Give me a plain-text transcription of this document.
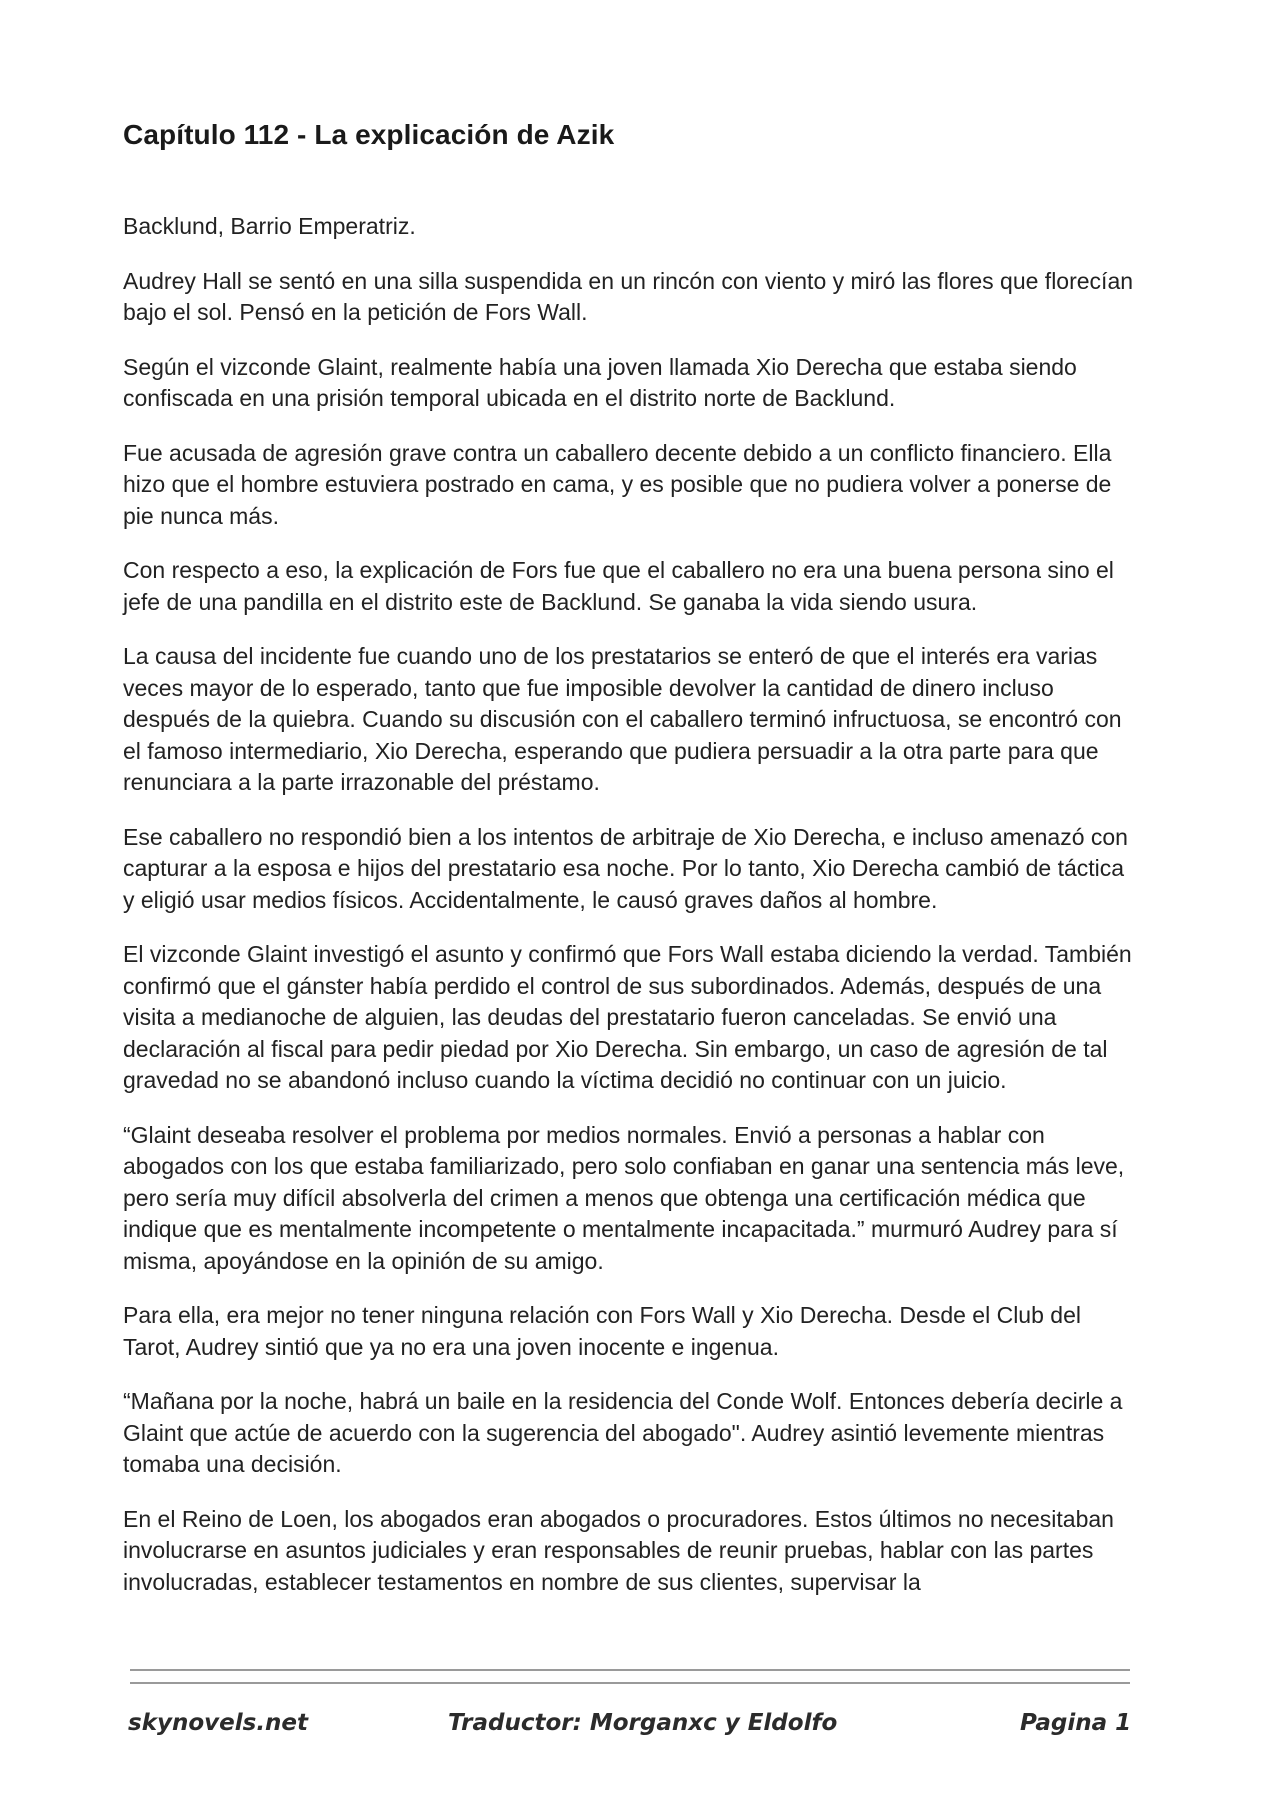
Capítulo 112 - La explicación de Azik

Backlund, Barrio Emperatriz.

Audrey Hall se sentó en una silla suspendida en un rincón con viento y miró las flores que florecían bajo el sol. Pensó en la petición de Fors Wall.

Según el vizconde Glaint, realmente había una joven llamada Xio Derecha que estaba siendo confiscada en una prisión temporal ubicada en el distrito norte de Backlund.

Fue acusada de agresión grave contra un caballero decente debido a un conflicto financiero. Ella hizo que el hombre estuviera postrado en cama, y es posible que no pudiera volver a ponerse de pie nunca más.

Con respecto a eso, la explicación de Fors fue que el caballero no era una buena persona sino el jefe de una pandilla en el distrito este de Backlund. Se ganaba la vida siendo usura.

La causa del incidente fue cuando uno de los prestatarios se enteró de que el interés era varias veces mayor de lo esperado, tanto que fue imposible devolver la cantidad de dinero incluso después de la quiebra. Cuando su discusión con el caballero terminó infructuosa, se encontró con el famoso intermediario, Xio Derecha, esperando que pudiera persuadir a la otra parte para que renunciara a la parte irrazonable del préstamo.

Ese caballero no respondió bien a los intentos de arbitraje de Xio Derecha, e incluso amenazó con capturar a la esposa e hijos del prestatario esa noche. Por lo tanto, Xio Derecha cambió de táctica y eligió usar medios físicos. Accidentalmente, le causó graves daños al hombre.

El vizconde Glaint investigó el asunto y confirmó que Fors Wall estaba diciendo la verdad. También confirmó que el gánster había perdido el control de sus subordinados. Además, después de una visita a medianoche de alguien, las deudas del prestatario fueron canceladas. Se envió una declaración al fiscal para pedir piedad por Xio Derecha. Sin embargo, un caso de agresión de tal gravedad no se abandonó incluso cuando la víctima decidió no continuar con un juicio.

“Glaint deseaba resolver el problema por medios normales. Envió a personas a hablar con abogados con los que estaba familiarizado, pero solo confiaban en ganar una sentencia más leve, pero sería muy difícil absolverla del crimen a menos que obtenga una certificación médica que indique que es mentalmente incompetente o mentalmente incapacitada.” murmuró Audrey para sí misma, apoyándose en la opinión de su amigo.

Para ella, era mejor no tener ninguna relación con Fors Wall y Xio Derecha. Desde el Club del Tarot, Audrey sintió que ya no era una joven inocente e ingenua.

“Mañana por la noche, habrá un baile en la residencia del Conde Wolf. Entonces debería decirle a Glaint que actúe de acuerdo con la sugerencia del abogado". Audrey asintió levemente mientras tomaba una decisión.

En el Reino de Loen, los abogados eran abogados o procuradores. Estos últimos no necesitaban involucrarse en asuntos judiciales y eran responsables de reunir pruebas, hablar con las partes involucradas, establecer testamentos en nombre de sus clientes, supervisar la

skynovels.net	Traductor: Morganxc y Eldolfo	Pagina 1
